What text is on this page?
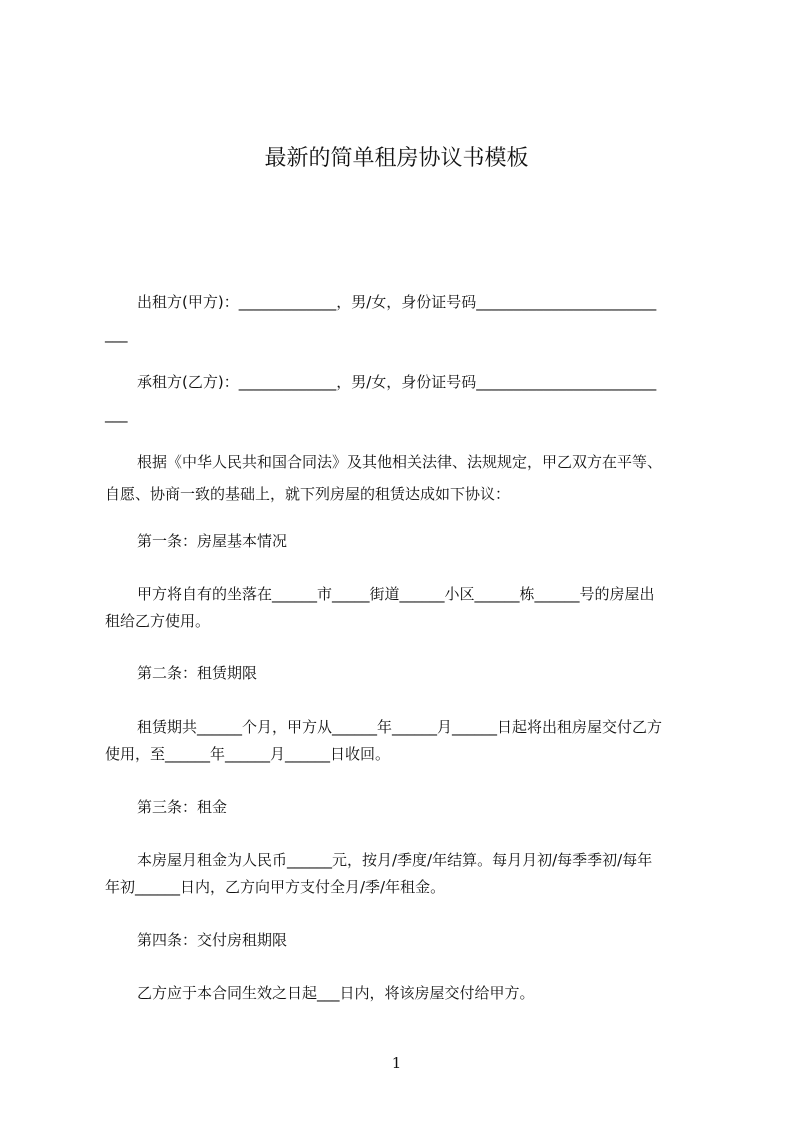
最新的简单租房协议书模板
出租方(甲方)：_____________，男/女，身份证号码________________________
___
承租方(乙方)：_____________，男/女，身份证号码________________________
___
根据《中华人民共和国合同法》及其他相关法律、法规规定，甲乙双方在平等、
自愿、协商一致的基础上，就下列房屋的租赁达成如下协议：
第一条：房屋基本情况
甲方将自有的坐落在______市_____街道______小区______栋______号的房屋出
租给乙方使用。
第二条：租赁期限
租赁期共______个月，甲方从______年______月______日起将出租房屋交付乙方
使用，至______年______月______日收回。
第三条：租金
本房屋月租金为人民币______元，按月/季度/年结算。每月月初/每季季初/每年
年初______日内，乙方向甲方支付全月/季/年租金。
第四条：交付房租期限
乙方应于本合同生效之日起___日内，将该房屋交付给甲方。
1
